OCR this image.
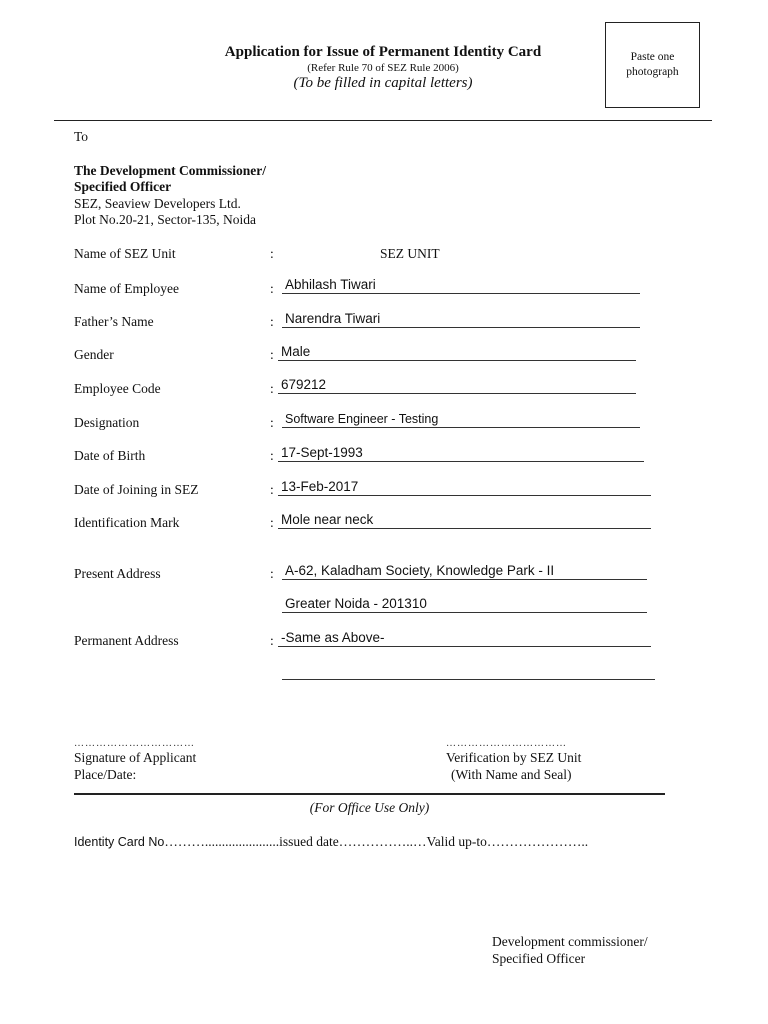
Application for Issue of Permanent Identity Card
(Refer Rule 70 of SEZ Rule 2006)
(To be filled in capital letters)
Paste one
photograph
To
The Development Commissioner/
Specified Officer
SEZ, Seaview Developers Ltd.
Plot No.20-21, Sector-135, Noida
Name of SEZ Unit	:	SEZ UNIT
Name of Employee	: Abhilash Tiwari
Father’s Name	: Narendra Tiwari
Gender	: Male
Employee Code	: 679212
Designation	: Software Engineer - Testing
Date of Birth	: 17-Sept-1993
Date of Joining in SEZ	: 13-Feb-2017
Identification Mark	: Mole near neck
Present Address	: A-62, Kaladham Society, Knowledge Park - II
Greater Noida - 201310
Permanent Address	: -Same as Above-
……………………………
Signature of Applicant
Place/Date:
……………………………
Verification by SEZ Unit
(With Name and Seal)
(For Office Use Only)
Identity Card No………......................issued date……………..…Valid up-to…………………..
Development commissioner/
Specified Officer
